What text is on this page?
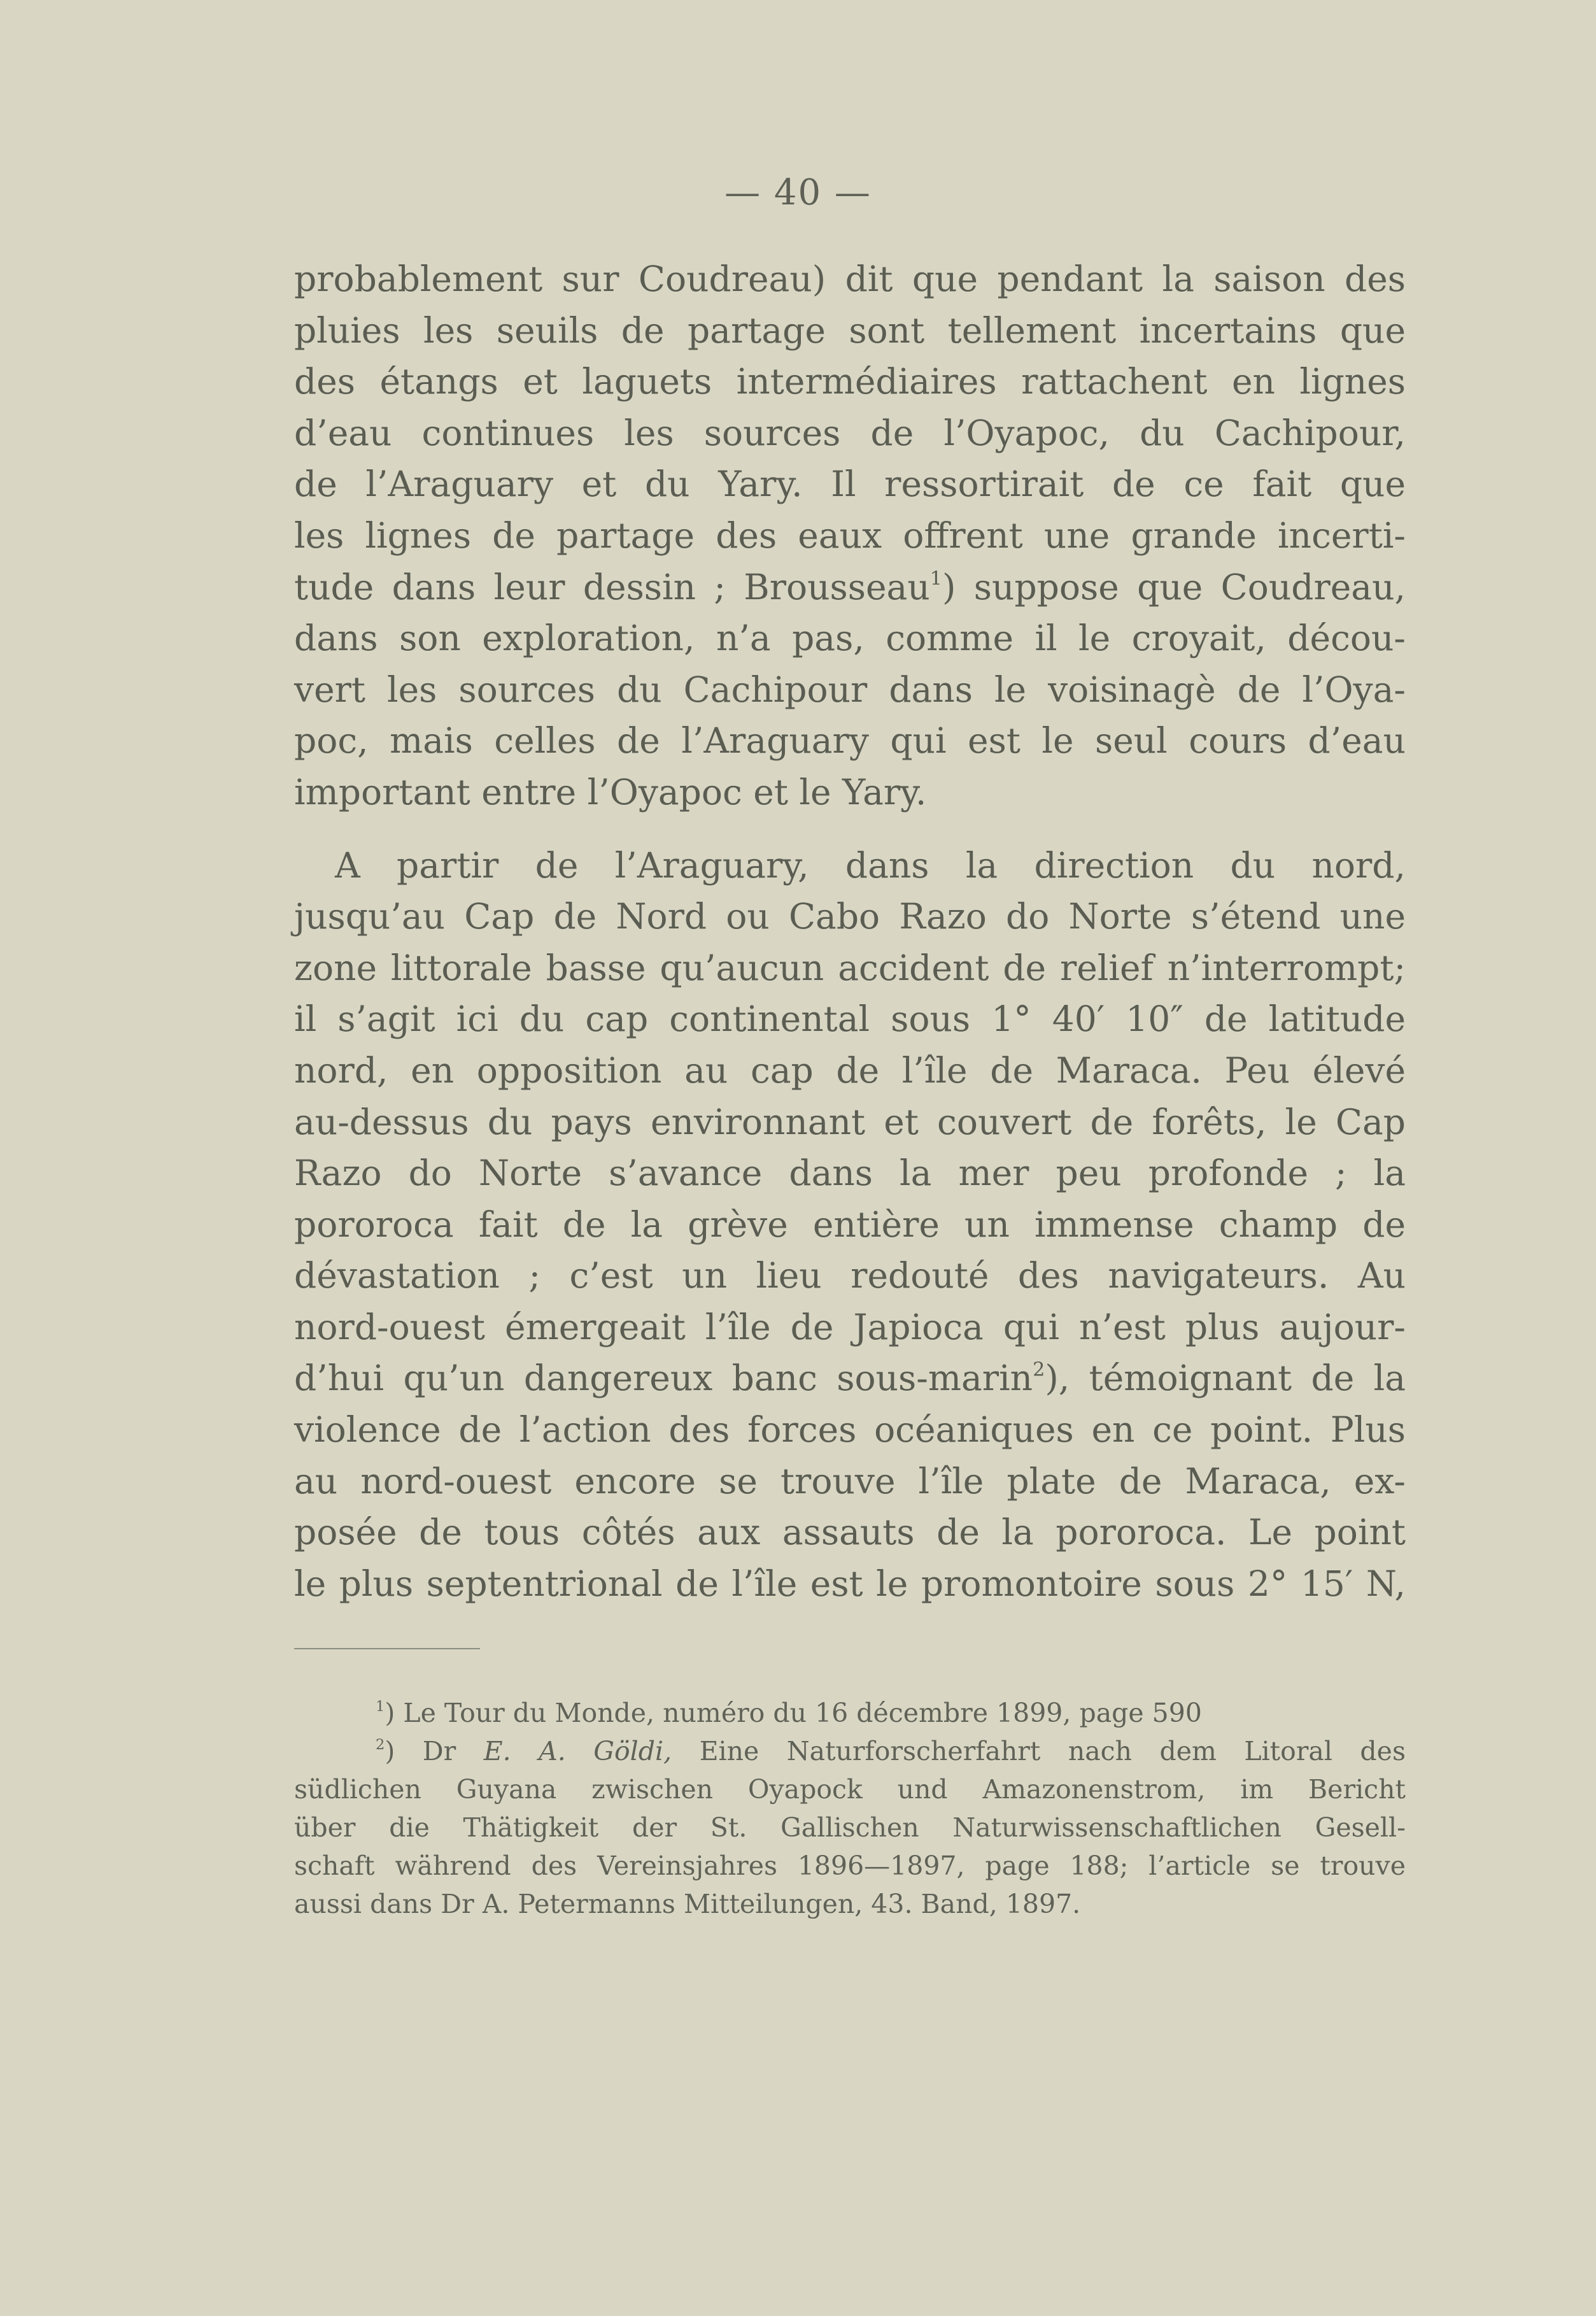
— 40 —
probablement sur Coudreau) dit que pendant la saison des
pluies les seuils de partage sont tellement incertains que
des étangs et laguets intermédiaires rattachent en lignes
d’eau continues les sources de l’Oyapoc, du Cachipour,
de l’Araguary et du Yary. Il ressortirait de ce fait que
les lignes de partage des eaux offrent une grande incerti-
tude dans leur dessin ; Brousseau$^1$) suppose que Coudreau,
dans son exploration, n’a pas, comme il le croyait, décou-
vert les sources du Cachipour dans le voisinagè de l’Oya-
poc, mais celles de l’Araguary qui est le seul cours d’eau
important entre l’Oyapoc et le Yary.
A partir de l’Araguary, dans la direction du nord,
jusqu’au Cap de Nord ou Cabo Razo do Norte s’étend une
zone littorale basse qu’aucun accident de relief n’interrompt;
il s’agit ici du cap continental sous 1° 40′ 10″ de latitude
nord, en opposition au cap de l’île de Maraca. Peu élevé
au-dessus du pays environnant et couvert de forêts, le Cap
Razo do Norte s’avance dans la mer peu profonde ; la
pororoca fait de la grève entière un immense champ de
dévastation ; c’est un lieu redouté des navigateurs. Au
nord-ouest émergeait l’île de Japioca qui n’est plus aujour-
d’hui qu’un dangereux banc sous-marin$^2$), témoignant de la
violence de l’action des forces océaniques en ce point. Plus
au nord-ouest encore se trouve l’île plate de Maraca, ex-
posée de tous côtés aux assauts de la pororoca. Le point
le plus septentrional de l’île est le promontoire sous 2° 15′ N,
$^1$) Le Tour du Monde, numéro du 16 décembre 1899, page 590
$^2$) Dr E. A. Göldi, Eine Naturforscherfahrt nach dem Litoral des
südlichen Guyana zwischen Oyapock und Amazonenstrom, im Bericht
über die Thätigkeit der St. Gallischen Naturwissenschaftlichen Gesell-
schaft während des Vereinsjahres 1896—1897, page 188; l’article se trouve
aussi dans Dr A. Petermanns Mitteilungen, 43. Band, 1897.
